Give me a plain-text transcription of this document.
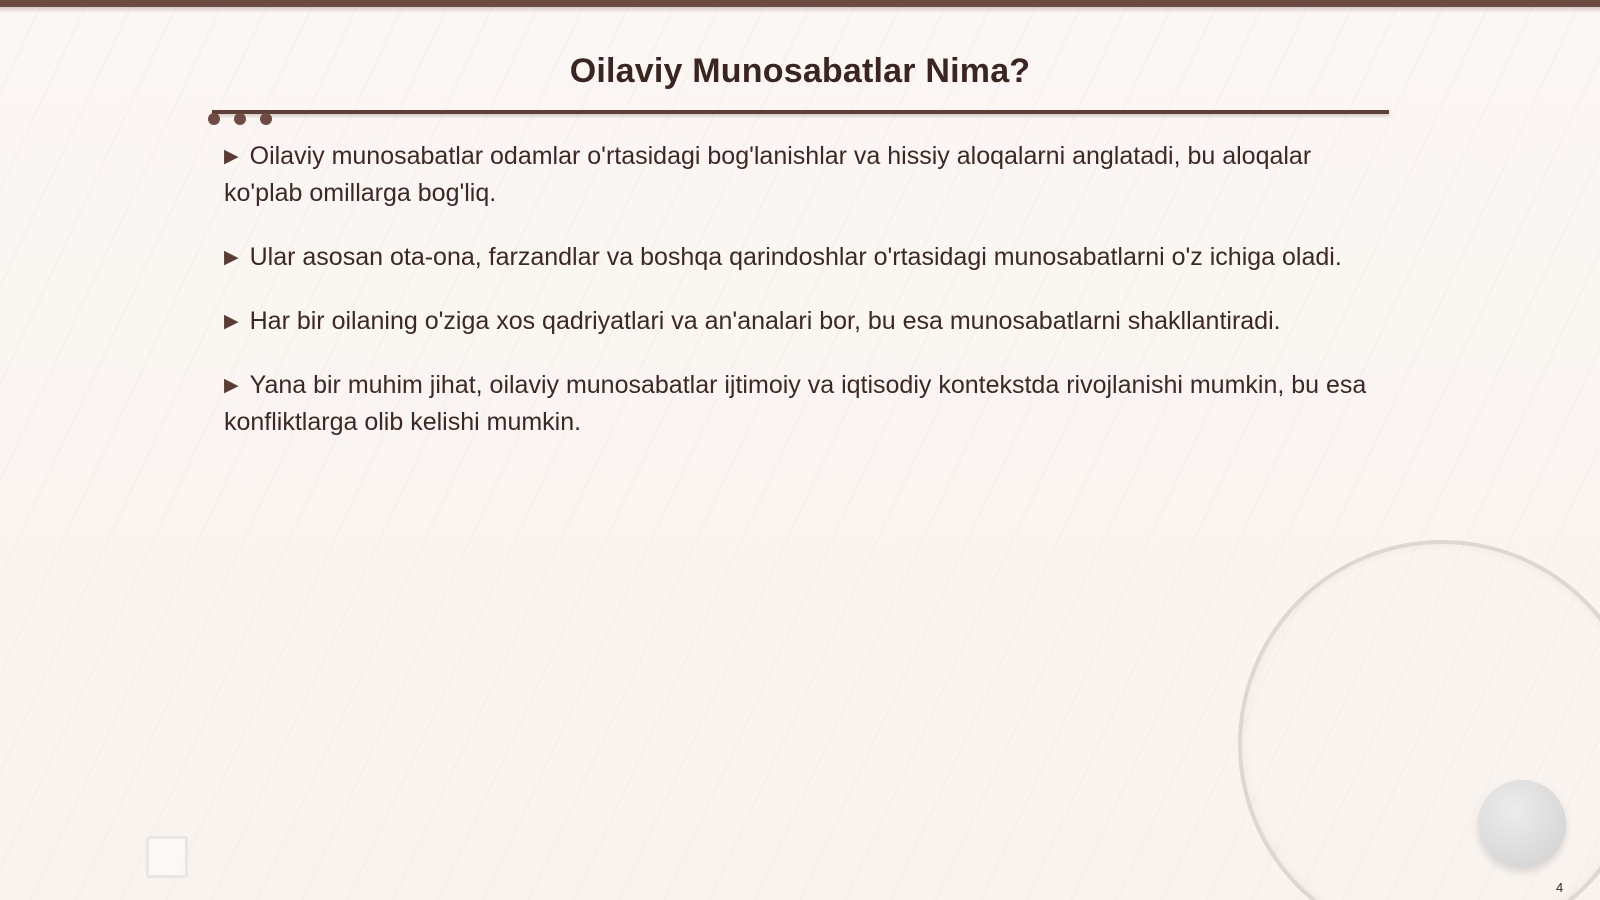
Oilaviy Munosabatlar Nima?

▶ Oilaviy munosabatlar odamlar o'rtasidagi bog'lanishlar va hissiy aloqalarni anglatadi, bu aloqalar ko'plab omillarga bog'liq.

▶ Ular asosan ota-ona, farzandlar va boshqa qarindoshlar o'rtasidagi munosabatlarni o'z ichiga oladi.

▶ Har bir oilaning o'ziga xos qadriyatlari va an'analari bor, bu esa munosabatlarni shakllantiradi.

▶ Yana bir muhim jihat, oilaviy munosabatlar ijtimoiy va iqtisodiy kontekstda rivojlanishi mumkin, bu esa konfliktlarga olib kelishi mumkin.

4
